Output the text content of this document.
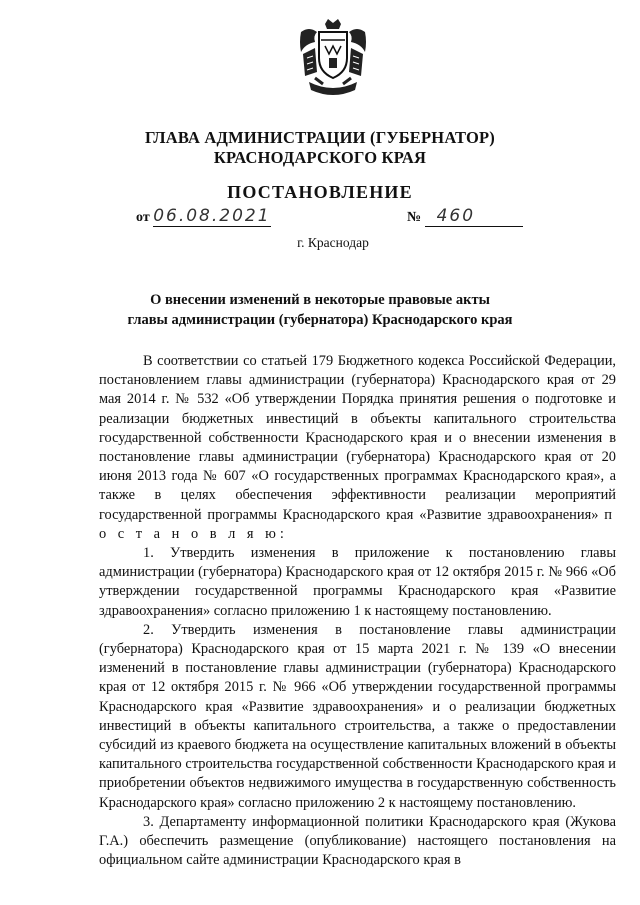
ГЛАВА АДМИНИСТРАЦИИ (ГУБЕРНАТОР)
КРАСНОДАРСКОГО КРАЯ
ПОСТАНОВЛЕНИЕ
от 06.08.2021	№ 460
г. Краснодар
О внесении изменений в некоторые правовые акты
главы администрации (губернатора) Краснодарского края

В соответствии со статьей 179 Бюджетного кодекса Российской Федерации, постановлением главы администрации (губернатора) Краснодарского края от 29 мая 2014 г. № 532 «Об утверждении Порядка принятия решения о подготовке и реализации бюджетных инвестиций в объекты капитального строительства государственной собственности Краснодарского края и о внесении изменения в постановление главы администрации (губернатора) Краснодарского края от 20 июня 2013 года № 607 «О государственных программах Краснодарского края», а также в целях обеспечения эффективности реализации мероприятий государственной программы Краснодарского края «Развитие здравоохранения» п о с т а н о в л я ю:

1. Утвердить изменения в приложение к постановлению главы администрации (губернатора) Краснодарского края от 12 октября 2015 г. № 966 «Об утверждении государственной программы Краснодарского края «Развитие здравоохранения» согласно приложению 1 к настоящему постановлению.

2. Утвердить изменения в постановление главы администрации (губернатора) Краснодарского края от 15 марта 2021 г. № 139 «О внесении изменений в постановление главы администрации (губернатора) Краснодарского края от 12 октября 2015 г. № 966 «Об утверждении государственной программы Краснодарского края «Развитие здравоохранения» и о реализации бюджетных инвестиций в объекты капитального строительства, а также о предоставлении субсидий из краевого бюджета на осуществление капитальных вложений в объекты капитального строительства государственной собственности Краснодарского края и приобретении объектов недвижимого имущества в государственную собственность Краснодарского края» согласно приложению 2 к настоящему постановлению.

3. Департаменту информационной политики Краснодарского края (Жукова Г.А.) обеспечить размещение (опубликование) настоящего постановления на официальном сайте администрации Краснодарского края в
